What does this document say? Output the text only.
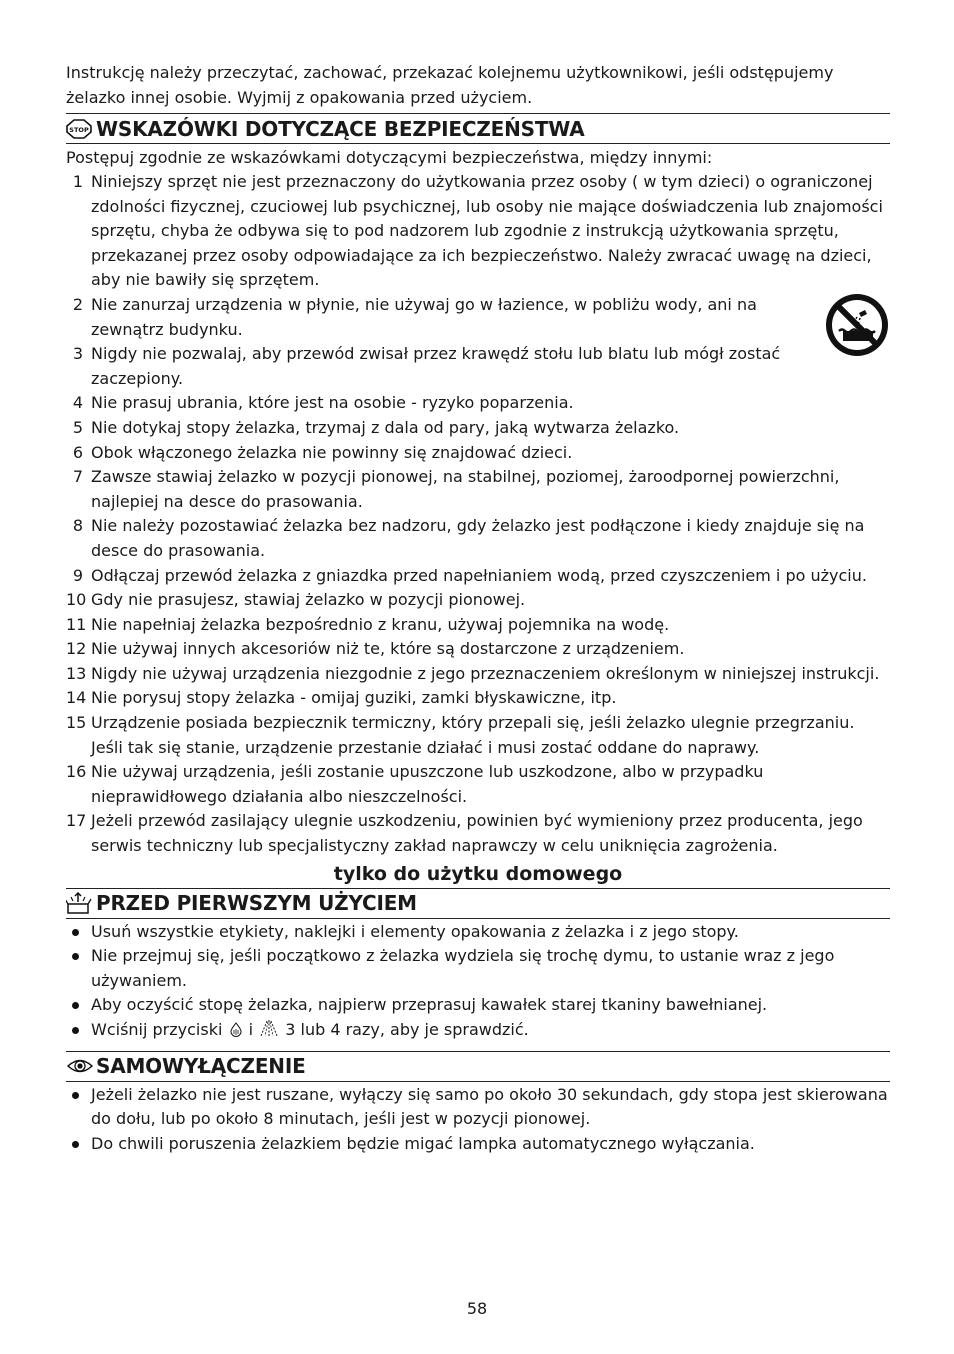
Instrukcję należy przeczytać, zachować, przekazać kolejnemu użytkownikowi, jeśli odstępujemy żelazko innej osobie. Wyjmij z opakowania przed użyciem.

STOP WSKAZÓWKI DOTYCZĄCE BEZPIECZEŃSTWA

Postępuj zgodnie ze wskazówkami dotyczącymi bezpieczeństwa, między innymi:

1 Niniejszy sprzęt nie jest przeznaczony do użytkowania przez osoby ( w tym dzieci) o ograniczonej zdolności fizycznej, czuciowej lub psychicznej, lub osoby nie mające doświadczenia lub znajomości sprzętu, chyba że odbywa się to pod nadzorem lub zgodnie z instrukcją użytkowania sprzętu, przekazanej przez osoby odpowiadające za ich bezpieczeństwo. Należy zwracać uwagę na dzieci, aby nie bawiły się sprzętem.
2 Nie zanurzaj urządzenia w płynie, nie używaj go w łazience, w pobliżu wody, ani na zewnątrz budynku.
3 Nigdy nie pozwalaj, aby przewód zwisał przez krawędź stołu lub blatu lub mógł zostać zaczepiony.
4 Nie prasuj ubrania, które jest na osobie - ryzyko poparzenia.
5 Nie dotykaj stopy żelazka, trzymaj z dala od pary, jaką wytwarza żelazko.
6 Obok włączonego żelazka nie powinny się znajdować dzieci.
7 Zawsze stawiaj żelazko w pozycji pionowej, na stabilnej, poziomej, żaroodpornej powierzchni, najlepiej na desce do prasowania.
8 Nie należy pozostawiać żelazka bez nadzoru, gdy żelazko jest podłączone i kiedy znajduje się na desce do prasowania.
9 Odłączaj przewód żelazka z gniazdka przed napełnianiem wodą, przed czyszczeniem i po użyciu.
10 Gdy nie prasujesz, stawiaj żelazko w pozycji pionowej.
11 Nie napełniaj żelazka bezpośrednio z kranu, używaj pojemnika na wodę.
12 Nie używaj innych akcesoriów niż te, które są dostarczone z urządzeniem.
13 Nigdy nie używaj urządzenia niezgodnie z jego przeznaczeniem określonym w niniejszej instrukcji.
14 Nie porysuj stopy żelazka - omijaj guziki, zamki błyskawiczne, itp.
15 Urządzenie posiada bezpiecznik termiczny, który przepali się, jeśli żelazko ulegnie przegrzaniu. Jeśli tak się stanie, urządzenie przestanie działać i musi zostać oddane do naprawy.
16 Nie używaj urządzenia, jeśli zostanie upuszczone lub uszkodzone, albo w przypadku nieprawidłowego działania albo nieszczelności.
17 Jeżeli przewód zasilający ulegnie uszkodzeniu, powinien być wymieniony przez producenta, jego serwis techniczny lub specjalistyczny zakład naprawczy w celu uniknięcia zagrożenia.

tylko do użytku domowego

PRZED PIERWSZYM UŻYCIEM
Usuń wszystkie etykiety, naklejki i elementy opakowania z żelazka i z jego stopy.
Nie przejmuj się, jeśli początkowo z żelazka wydziela się trochę dymu, to ustanie wraz z jego używaniem.
Aby oczyścić stopę żelazka, najpierw przeprasuj kawałek starej tkaniny bawełnianej.
Wciśnij przyciski i 3 lub 4 razy, aby je sprawdzić.
SAMOWYŁĄCZENIE
Jeżeli żelazko nie jest ruszane, wyłączy się samo po około 30 sekundach, gdy stopa jest skierowana do dołu, lub po około 8 minutach, jeśli jest w pozycji pionowej.
Do chwili poruszenia żelazkiem będzie migać lampka automatycznego wyłączania.
58
